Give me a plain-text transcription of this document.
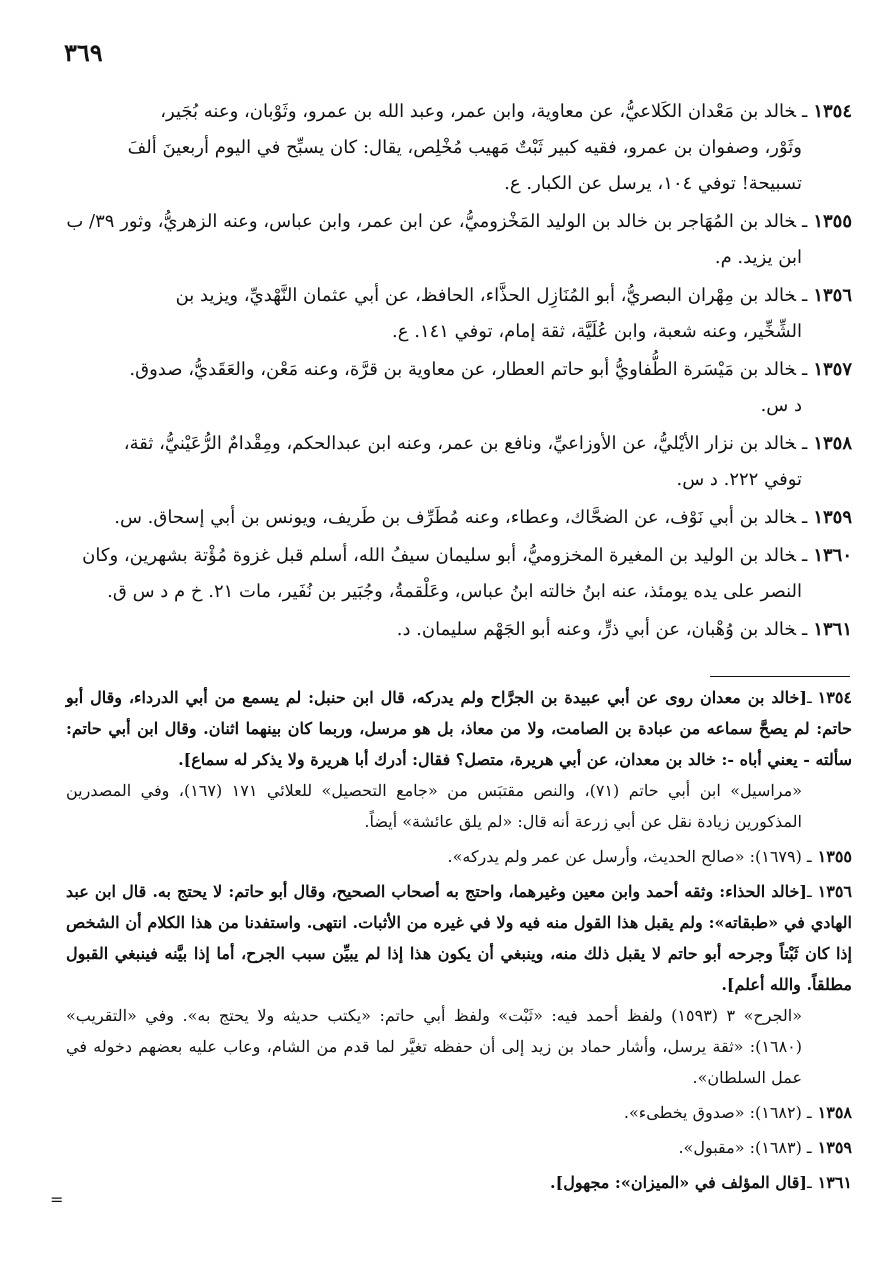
٣٦٩
١٣٥٤ـخالد بن مَعْدان الكَلاعيُّ، عن معاوية، وابن عمر، وعبد الله بن عمرو، وثَوْبان، وعنه بُجَير،
وثَوْر، وصفوان بن عمرو، فقيه كبير ثَبْتٌ مَهيب مُخْلِص، يقال: كان يسبِّح في اليوم أربعينَ ألفَ
تسبيحة! توفي ١٠٤، يرسل عن الكبار. ع.
١٣٥٥ـخالد بن المُهَاجر بن خالد بن الوليد المَخْزوميُّ، عن ابن عمر، وابن عباس، وعنه الزهريُّ، وثور ٣٩/ ب
ابن يزيد. م.
١٣٥٦ـخالد بن مِهْران البصريُّ، أبو المُنَازِل الحذَّاء، الحافظ، عن أبي عثمان النَّهْديِّ، ويزيد بن
الشِّخِّير، وعنه شعبة، وابن عُلَيَّة، ثقة إمام، توفي ١٤١. ع.
١٣٥٧ـخالد بن مَيْسَرة الطُّفاويُّ أبو حاتم العطار، عن معاوية بن قرَّة، وعنه مَعْن، والعَقَديُّ، صدوق.
د س.
١٣٥٨ـخالد بن نزار الأيْليُّ، عن الأوزاعيِّ، ونافع بن عمر، وعنه ابن عبدالحكم، ومِقْدامٌ الرُّعَيْنيُّ، ثقة،
توفي ٢٢٢. د س.
١٣٥٩ـخالد بن أبي نَوْف، عن الضحَّاك، وعطاء، وعنه مُطَرِّف بن طَريف، ويونس بن أبي إسحاق. س.
١٣٦٠ـخالد بن الوليد بن المغيرة المخزوميُّ، أبو سليمان سيفُ الله، أسلم قبل غزوة مُؤْتة بشهرين، وكان
النصر على يده يومئذ، عنه ابنُ خالته ابنُ عباس، وعَلْقمةُ، وجُبَير بن نُفَير، مات ٢١. خ م د س ق.
١٣٦١ـخالد بن وُهْبان، عن أبي ذرٍّ، وعنه أبو الجَهْم سليمان. د.
١٣٥٤ـ[خالد بن معدان روى عن أبي عبيدة بن الجرَّاح ولم يدركه، قال ابن حنبل: لم يسمع من أبي الدرداء، وقال أبو حاتم: لم يصحَّ سماعه من عبادة بن الصامت، ولا من معاذ، بل هو مرسل، وربما كان بينهما اثنان. وقال ابن أبي حاتم: سألته - يعني أباه -: خالد بن معدان، عن أبي هريرة، متصل؟ فقال: أدرك أبا هريرة ولا يذكر له سماع].
«مراسيل» ابن أبي حاتم (٧١)، والنص مقتبَس من «جامع التحصيل» للعلائي ١٧١ (١٦٧)، وفي المصدرين المذكورين زيادة نقل عن أبي زرعة أنه قال: «لم يلق عائشة» أيضاً.
١٣٥٥ـ (١٦٧٩): «صالح الحديث، وأرسل عن عمر ولم يدركه».
١٣٥٦ـ[خالد الحذاء: وثقه أحمد وابن معين وغيرهما، واحتج به أصحاب الصحيح، وقال أبو حاتم: لا يحتج به. قال ابن عبد الهادي في «طبقاته»: ولم يقبل هذا القول منه فيه ولا في غيره من الأثبات. انتهى. واستفدنا من هذا الكلام أن الشخص إذا كان ثَبْتاً وجرحه أبو حاتم لا يقبل ذلك منه، وينبغي أن يكون هذا إذا لم يبيِّن سبب الجرح، أما إذا بيَّنه فينبغي القبول مطلقاً. والله أعلم].
«الجرح» ٣ (١٥٩٣) ولفظ أحمد فيه: «ثَبْت» ولفظ أبي حاتم: «يكتب حديثه ولا يحتج به». وفي «التقريب» (١٦٨٠): «ثقة يرسل، وأشار حماد بن زيد إلى أن حفظه تغيَّر لما قدم من الشام، وعاب عليه بعضهم دخوله في عمل السلطان».
١٣٥٨ـ (١٦٨٢): «صدوق يخطىء».
١٣٥٩ـ (١٦٨٣): «مقبول».
١٣٦١ـ[قال المؤلف في «الميزان»: مجهول].
=
